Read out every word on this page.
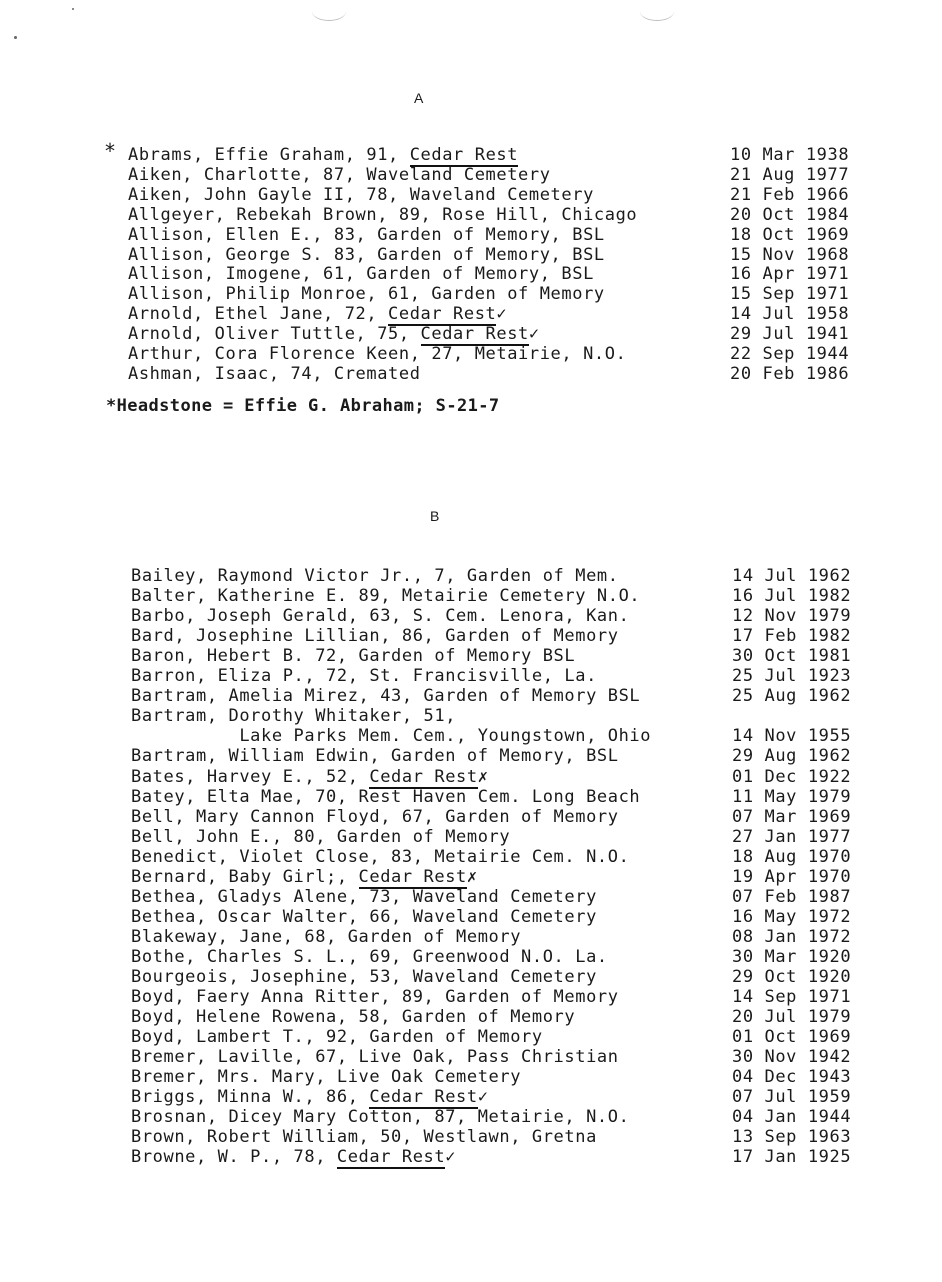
A
* Abrams, Effie Graham, 91, Cedar Rest	10 Mar 1938
Aiken, Charlotte, 87, Waveland Cemetery	21 Aug 1977
Aiken, John Gayle II, 78, Waveland Cemetery	21 Feb 1966
Allgeyer, Rebekah Brown, 89, Rose Hill, Chicago	20 Oct 1984
Allison, Ellen E., 83, Garden of Memory, BSL	18 Oct 1969
Allison, George S. 83, Garden of Memory, BSL	15 Nov 1968
Allison, Imogene, 61, Garden of Memory, BSL	16 Apr 1971
Allison, Philip Monroe, 61, Garden of Memory	15 Sep 1971
Arnold, Ethel Jane, 72, Cedar Rest✓	14 Jul 1958
Arnold, Oliver Tuttle, 75, Cedar Rest✓	29 Jul 1941
Arthur, Cora Florence Keen, 27, Metairie, N.O.	22 Sep 1944
Ashman, Isaac, 74, Cremated	20 Feb 1986
*Headstone = Effie G. Abraham; S-21-7
B
Bailey, Raymond Victor Jr., 7, Garden of Mem.	14 Jul 1962
Balter, Katherine E. 89, Metairie Cemetery N.O.	16 Jul 1982
Barbo, Joseph Gerald, 63, S. Cem. Lenora, Kan.	12 Nov 1979
Bard, Josephine Lillian, 86, Garden of Memory	17 Feb 1982
Baron, Hebert B. 72, Garden of Memory BSL	30 Oct 1981
Barron, Eliza P., 72, St. Francisville, La.	25 Jul 1923
Bartram, Amelia Mirez, 43, Garden of Memory BSL	25 Aug 1962
Bartram, Dorothy Whitaker, 51,
Lake Parks Mem. Cem., Youngstown, Ohio	14 Nov 1955
Bartram, William Edwin, Garden of Memory, BSL	29 Aug 1962
Bates, Harvey E., 52, Cedar Rest✗	01 Dec 1922
Batey, Elta Mae, 70, Rest Haven Cem. Long Beach	11 May 1979
Bell, Mary Cannon Floyd, 67, Garden of Memory	07 Mar 1969
Bell, John E., 80, Garden of Memory	27 Jan 1977
Benedict, Violet Close, 83, Metairie Cem. N.O.	18 Aug 1970
Bernard, Baby Girl;, Cedar Rest✗	19 Apr 1970
Bethea, Gladys Alene, 73, Waveland Cemetery	07 Feb 1987
Bethea, Oscar Walter, 66, Waveland Cemetery	16 May 1972
Blakeway, Jane, 68, Garden of Memory	08 Jan 1972
Bothe, Charles S. L., 69, Greenwood N.O. La.	30 Mar 1920
Bourgeois, Josephine, 53, Waveland Cemetery	29 Oct 1920
Boyd, Faery Anna Ritter, 89, Garden of Memory	14 Sep 1971
Boyd, Helene Rowena, 58, Garden of Memory	20 Jul 1979
Boyd, Lambert T., 92, Garden of Memory	01 Oct 1969
Bremer, Laville, 67, Live Oak, Pass Christian	30 Nov 1942
Bremer, Mrs. Mary, Live Oak Cemetery	04 Dec 1943
Briggs, Minna W., 86, Cedar Rest✓	07 Jul 1959
Brosnan, Dicey Mary Cotton, 87, Metairie, N.O.	04 Jan 1944
Brown, Robert William, 50, Westlawn, Gretna	13 Sep 1963
Browne, W. P., 78, Cedar Rest✓	17 Jan 1925
